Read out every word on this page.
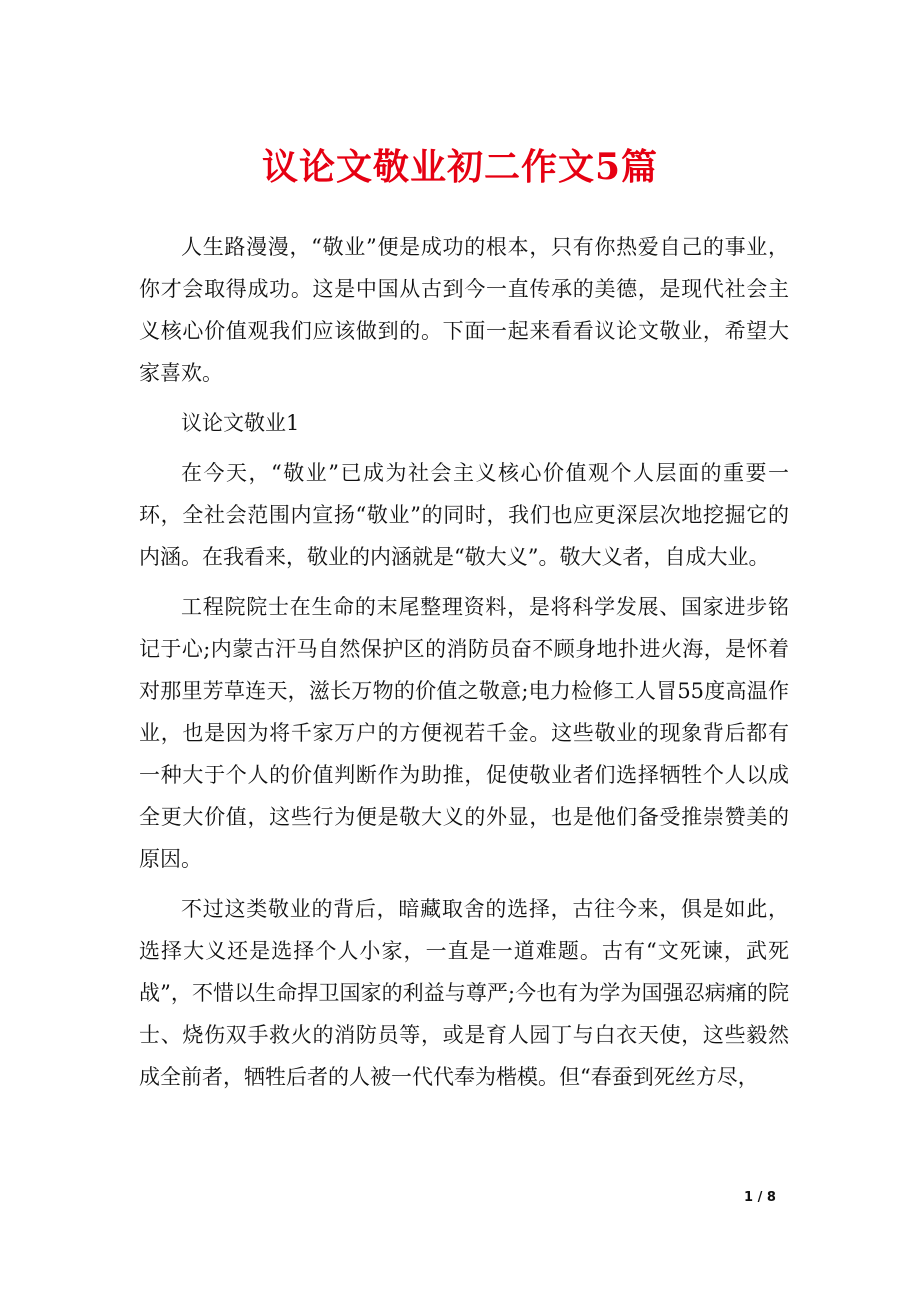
议论文敬业初二作文5篇

人生路漫漫，“敬业”便是成功的根本，只有你热爱自己的事业，你才会取得成功。这是中国从古到今一直传承的美德，是现代社会主义核心价值观我们应该做到的。下面一起来看看议论文敬业，希望大家喜欢。

议论文敬业1

在今天，“敬业”已成为社会主义核心价值观个人层面的重要一环，全社会范围内宣扬“敬业”的同时，我们也应更深层次地挖掘它的内涵。在我看来，敬业的内涵就是“敬大义”。敬大义者，自成大业。

工程院院士在生命的末尾整理资料，是将科学发展、国家进步铭记于心;内蒙古汗马自然保护区的消防员奋不顾身地扑进火海，是怀着对那里芳草连天，滋长万物的价值之敬意;电力检修工人冒55度高温作业，也是因为将千家万户的方便视若千金。这些敬业的现象背后都有一种大于个人的价值判断作为助推，促使敬业者们选择牺牲个人以成全更大价值，这些行为便是敬大义的外显，也是他们备受推崇赞美的原因。

不过这类敬业的背后，暗藏取舍的选择，古往今来，俱是如此，选择大义还是选择个人小家，一直是一道难题。古有“文死谏，武死战”，不惜以生命捍卫国家的利益与尊严;今也有为学为国强忍病痛的院士、烧伤双手救火的消防员等，或是育人园丁与白衣天使，这些毅然成全前者，牺牲后者的人被一代代奉为楷模。但“春蚕到死丝方尽，

1 / 8
